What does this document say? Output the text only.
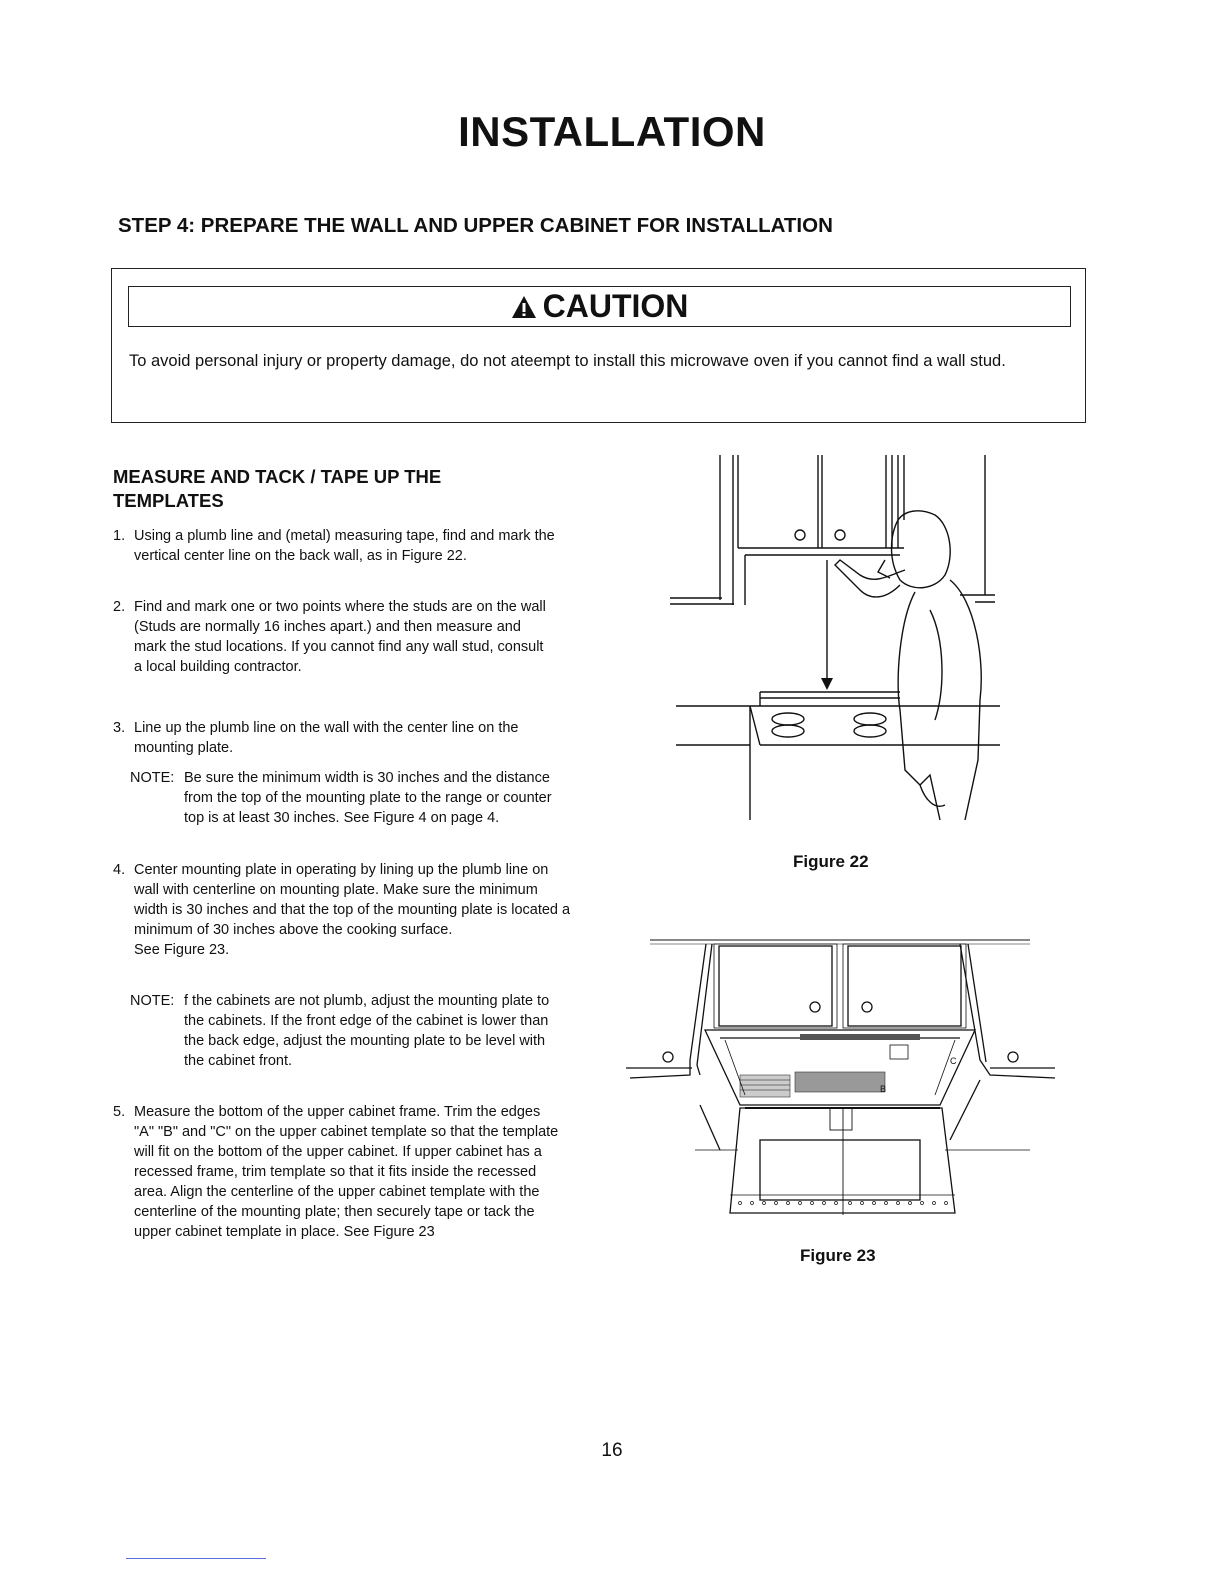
INSTALLATION
STEP 4: PREPARE THE WALL AND UPPER CABINET FOR INSTALLATION
CAUTION
To avoid personal injury or property damage, do not ateempt to install this microwave oven if you cannot find a wall stud.
MEASURE AND TACK / TAPE UP THE TEMPLATES
1. Using a plumb line and (metal) measuring tape, find and mark the vertical center line on the back wall, as in Figure 22.
2. Find and mark one or two points where the studs are on the wall (Studs are normally 16 inches apart.) and then measure and mark the stud locations. If you cannot find any wall stud, consult a local building contractor.
3. Line up the plumb line on the wall with the center line on the mounting plate.
NOTE: Be sure the minimum width is 30 inches and the distance from the top of the mounting plate to the range or counter top is at least 30 inches. See Figure 4 on page 4.
4. Center mounting plate in operating by lining up the plumb line on wall with centerline on mounting plate. Make sure the minimum width is 30 inches and that the top of the mounting plate is located a minimum of 30 inches above the cooking surface.
See Figure 23.
NOTE: f the cabinets are not plumb, adjust the mounting plate to the cabinets. If the front edge of the cabinet is lower than the back edge, adjust the mounting plate to be level with the cabinet front.
5. Measure the bottom of the upper cabinet frame. Trim the edges "A" "B" and "C" on the upper cabinet template so that the template will fit on the bottom of the upper cabinet. If upper cabinet has a recessed frame, trim template so that it fits inside the recessed area. Align the centerline of the upper cabinet template with the centerline of the mounting plate; then securely tape or tack the upper cabinet template in place. See Figure 23
Figure 22
B
C
Figure 23
16
